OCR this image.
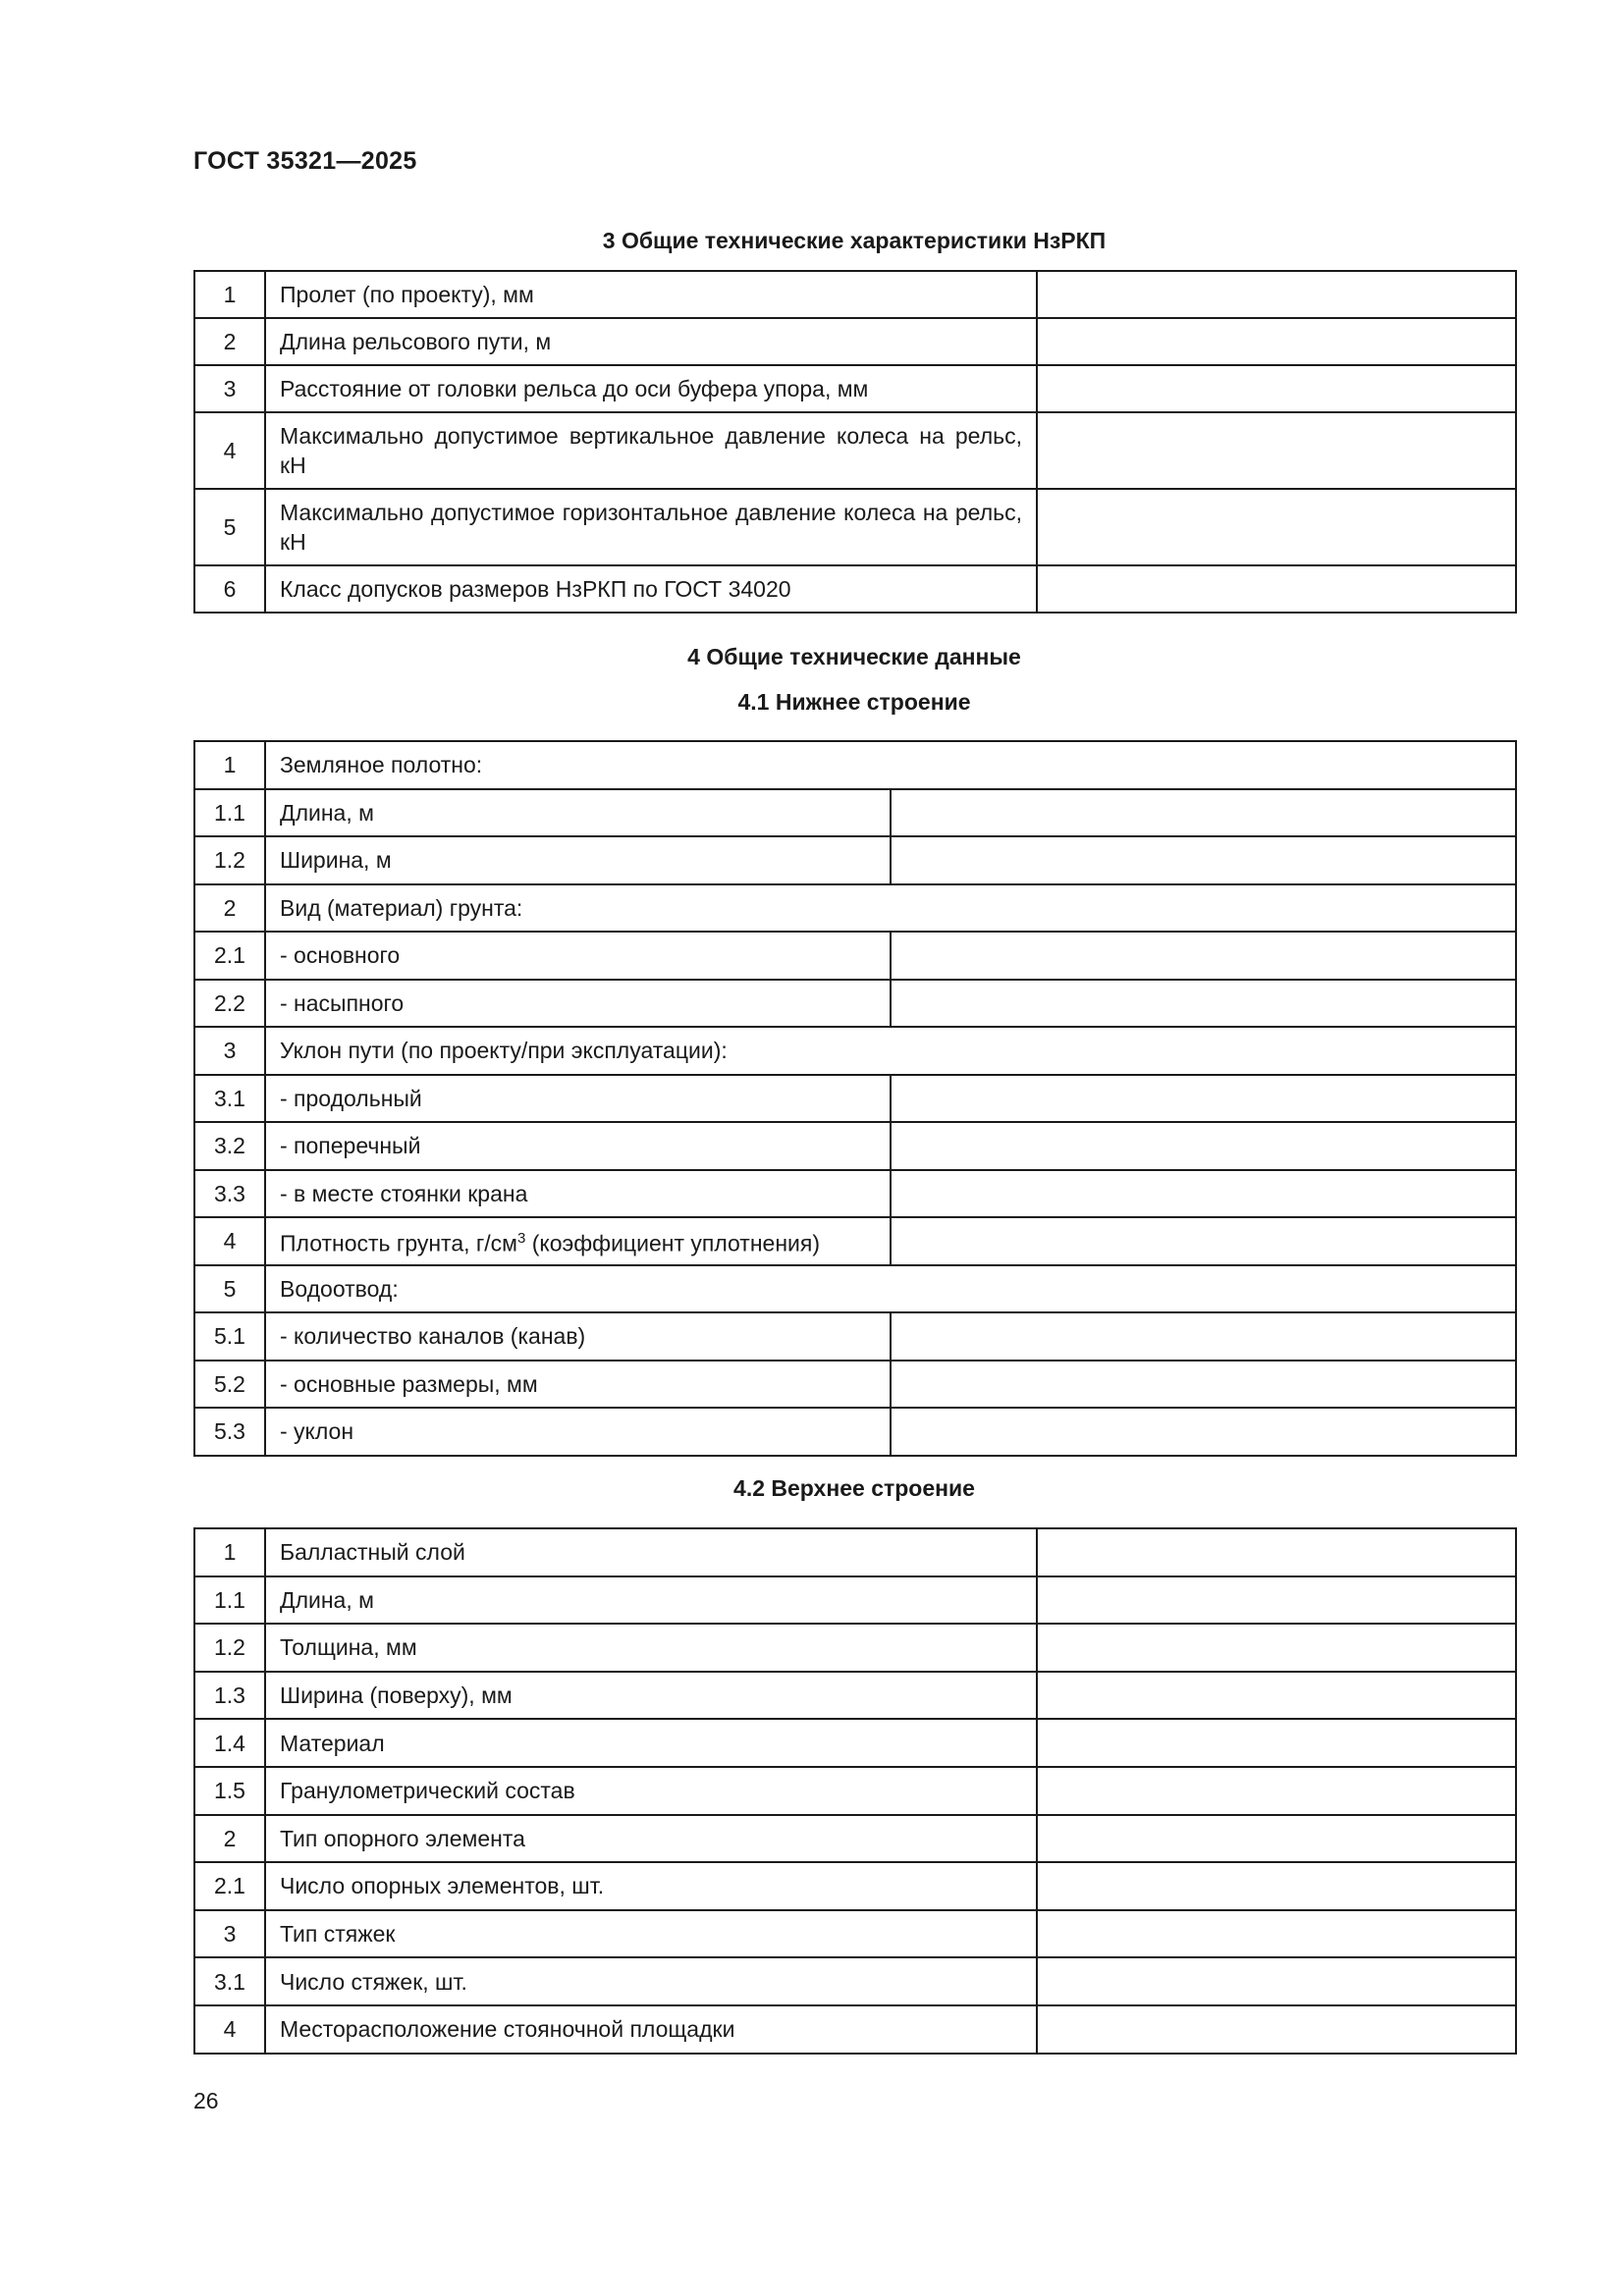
ГОСТ 35321—2025
3 Общие технические характеристики НзРКП
1	Пролет (по проекту), мм	
2	Длина рельсового пути, м	
3	Расстояние от головки рельса до оси буфера упора, мм	
4	Максимально допустимое вертикальное давление колеса на рельс, кН	
5	Максимально допустимое горизонтальное давление колеса на рельс, кН	
6	Класс допусков размеров НзРКП по ГОСТ 34020	
4 Общие технические данные
4.1 Нижнее строение
1	Земляное полотно:	
1.1	Длина, м	
1.2	Ширина, м	
2	Вид (материал) грунта:	
2.1	- основного	
2.2	- насыпного	
3	Уклон пути (по проекту/при эксплуатации):	
3.1	- продольный	
3.2	- поперечный	
3.3	- в месте стоянки крана	
4	Плотность грунта, $г/см^3$ (коэффициент уплотнения)	
5	Водоотвод:	
5.1	- количество каналов (канав)	
5.2	- основные размеры, мм	
5.3	- уклон	
4.2 Верхнее строение
1	Балластный слой	
1.1	Длина, м	
1.2	Толщина, мм	
1.3	Ширина (поверху), мм	
1.4	Материал	
1.5	Гранулометрический состав	
2	Тип опорного элемента	
2.1	Число опорных элементов, шт.	
3	Тип стяжек	
3.1	Число стяжек, шт.	
4	Месторасположение стояночной площадки	
26
